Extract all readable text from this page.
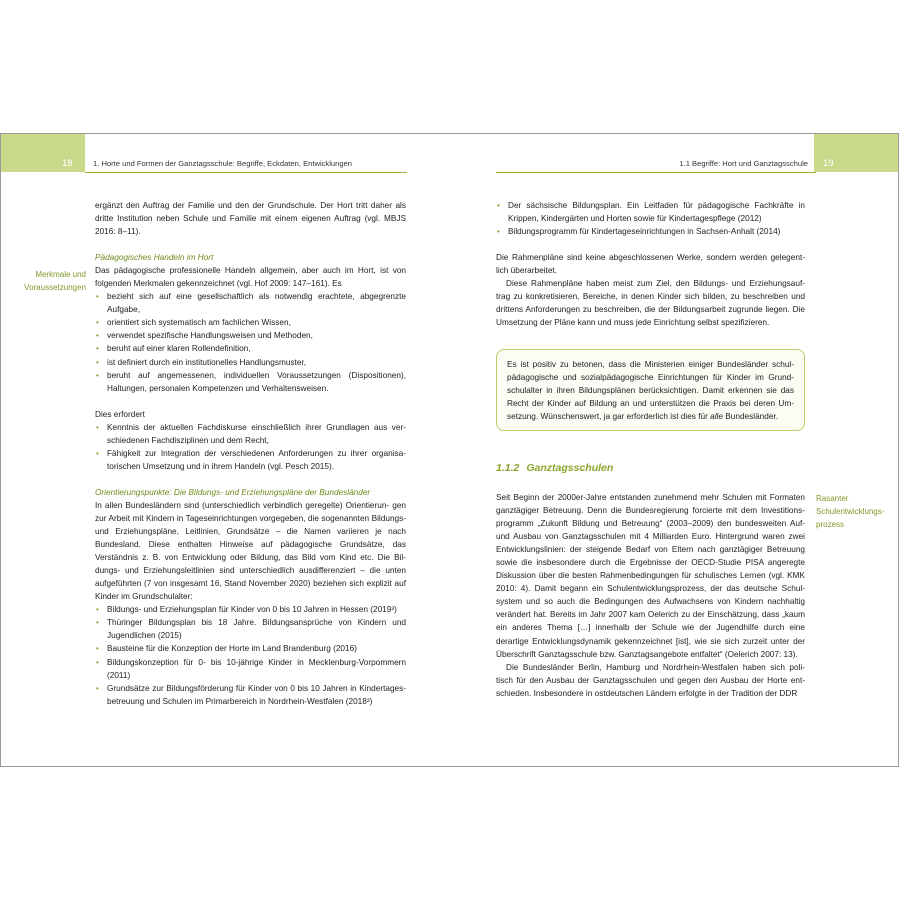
18	19
1. Horte und Formen der Ganztagsschule: Begriffe, Eckdaten, Entwicklungen	1.1 Begriffe: Hort und Ganztagsschule
Merkmale und
Voraussetzungen

ergänzt den Auftrag der Familie und den der Grundschule. Der Hort tritt daher als dritte Institution neben Schule und Familie mit einem eigenen Auftrag (vgl. MBJS 2016: 8–11).

Pädagogisches Handeln im Hort

Das pädagogische professionelle Handeln allgemein, aber auch im Hort, ist von folgenden Merkmalen gekennzeichnet (vgl. Hof 2009: 147–161). Es

• bezieht sich auf eine gesellschaftlich als notwendig erachtete, abgegrenzte Aufgabe,
• orientiert sich systematisch am fachlichen Wissen,
• verwendet spezifische Handlungsweisen und Methoden,
• beruht auf einer klaren Rollendefinition,
• ist definiert durch ein institutionelles Handlungsmuster,
• beruht auf angemessenen, individuellen Voraussetzungen (Dispositionen), Haltungen, personalen Kompetenzen und Verhaltensweisen.

Dies erfordert

• Kenntnis der aktuellen Fachdiskurse einschließlich ihrer Grundlagen aus ver- schiedenen Fachdisziplinen und dem Recht,
• Fähigkeit zur Integration der verschiedenen Anforderungen zu ihrer organisa- torischen Umsetzung und in ihrem Handeln (vgl. Pesch 2015).

Orientierungspunkte: Die Bildungs- und Erziehungspläne der Bundesländer

In allen Bundesländern sind (unterschiedlich verbindlich geregelte) Orientierun- gen zur Arbeit mit Kindern in Tageseinrichtungen vorgegeben, die sogenannten Bildungs- und Erziehungspläne, Leitlinien, Grundsätze – die Namen variieren je nach Bundesland. Diese enthalten Hinweise auf pädagogische Grundsätze, das Verständnis z. B. von Entwicklung oder Bildung, das Bild vom Kind etc. Die Bil- dungs- und Erziehungsleitlinien sind unterschiedlich ausdifferenziert – die unten aufgeführten (7 von insgesamt 16, Stand November 2020) beziehen sich explizit auf Kinder im Grundschulalter:

• Bildungs- und Erziehungsplan für Kinder von 0 bis 10 Jahren in Hessen (2019³)
• Thüringer Bildungsplan bis 18 Jahre. Bildungsansprüche von Kindern und Jugendlichen (2015)
• Bausteine für die Konzeption der Horte im Land Brandenburg (2016)
• Bildungskonzeption für 0- bis 10-jährige Kinder in Mecklenburg-Vorpommern (2011)
• Grundsätze zur Bildungsförderung für Kinder von 0 bis 10 Jahren in Kindertages- betreuung und Schulen im Primarbereich in Nordrhein-Westfalen (2018²)
• Der sächsische Bildungsplan. Ein Leitfaden für pädagogische Fachkräfte in Krippen, Kindergärten und Horten sowie für Kindertagespflege (2012)
• Bildungsprogramm für Kindertageseinrichtungen in Sachsen-Anhalt (2014)

Die Rahmenpläne sind keine abgeschlossenen Werke, sondern werden gelegent- lich überarbeitet.

Diese Rahmenpläne haben meist zum Ziel, den Bildungs- und Erziehungsauf- trag zu konkretisieren, Bereiche, in denen Kinder sich bilden, zu beschreiben und drittens Anforderungen zu beschreiben, die der Bildungsarbeit zugrunde liegen. Die Umsetzung der Pläne kann und muss jede Einrichtung selbst spezifizieren.

Es ist positiv zu betonen, dass die Ministerien einiger Bundesländer schul- pädagogische und sozialpädagogische Einrichtungen für Kinder im Grund- schulalter in ihren Bildungsplänen berücksichtigen. Damit erkennen sie das Recht der Kinder auf Bildung an und unterstützen die Praxis bei deren Um- setzung. Wünschenswert, ja gar erforderlich ist dies für alle Bundesländer.

1.1.2 Ganztagsschulen
Rasanter
Schulentwicklungs-
prozess

Seit Beginn der 2000er-Jahre entstanden zunehmend mehr Schulen mit Formaten ganztägiger Betreuung. Denn die Bundesregierung forcierte mit dem Investitions- programm „Zukunft Bildung und Betreuung“ (2003–2009) den bundesweiten Auf- und Ausbau von Ganztagsschulen mit 4 Milliarden Euro. Hintergrund waren zwei Entwicklungslinien: der steigende Bedarf von Eltern nach ganztägiger Betreuung sowie die insbesondere durch die Ergebnisse der OECD-Studie PISA angeregte Diskussion über die besten Rahmenbedingungen für schulisches Lernen (vgl. KMK 2010: 4). Damit begann ein Schulentwicklungsprozess, der das deutsche Schul- system und so auch die Bedingungen des Aufwachsens von Kindern nachhaltig verändert hat. Bereits im Jahr 2007 kam Oelerich zu der Einschätzung, dass „kaum ein anderes Thema […] innerhalb der Schule wie der Jugendhilfe durch eine derartige Entwicklungsdynamik gekennzeichnet [ist], wie sie sich zurzeit unter der Überschrift Ganztagsschule bzw. Ganztagsangebote entfaltet“ (Oelerich 2007: 13).

Die Bundesländer Berlin, Hamburg und Nordrhein-Westfalen haben sich poli- tisch für den Ausbau der Ganztagsschulen und gegen den Ausbau der Horte ent- schieden. Insbesondere in ostdeutschen Ländern erfolgte in der Tradition der DDR
